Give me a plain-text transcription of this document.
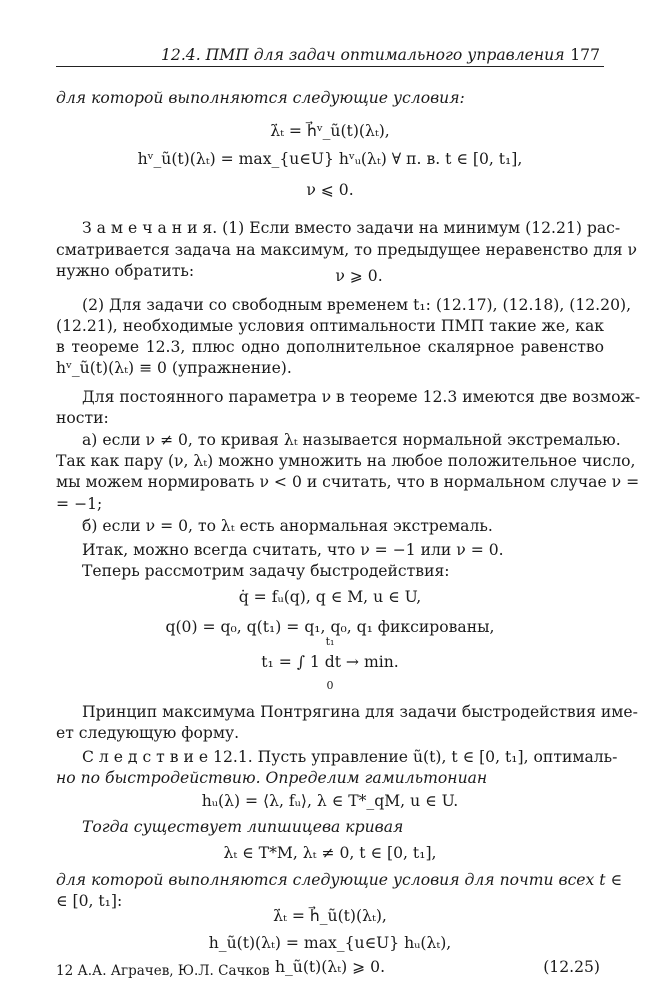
12.4. ПМП для задач оптимального управления 177
для которой выполняются следующие условия:
λ̇ₜ = h⃗ᵛ_ũ(t)(λₜ),
hᵛ_ũ(t)(λₜ) = max_{u∈U} hᵛᵤ(λₜ) ∀ п. в. t ∈ [0, t₁],
ν ⩽ 0.
З а м е ч а н и я. (1) Если вместо задачи на минимум (12.21) рас-
сматривается задача на максимум, то предыдущее неравенство для ν
нужно обратить:	ν ⩾ 0.
(2) Для задачи со свободным временем t₁: (12.17), (12.18), (12.20),
(12.21), необходимые условия оптимальности ПМП такие же, как
в теореме 12.3, плюс одно дополнительное скалярное равенство
hᵛ_ũ(t)(λₜ) ≡ 0 (упражнение).
Для постоянного параметра ν в теореме 12.3 имеются две возмож-
ности:
а) если ν ≠ 0, то кривая λₜ называется нормальной экстремалью.
Так как пару (ν, λₜ) можно умножить на любое положительное число,
мы можем нормировать ν < 0 и считать, что в нормальном случае ν =
= −1;
б) если ν = 0, то λₜ есть анормальная экстремаль.
Итак, можно всегда считать, что ν = −1 или ν = 0.
Теперь рассмотрим задачу быстродействия:
q̇ = fᵤ(q), q ∈ M, u ∈ U,
q(0) = q₀, q(t₁) = q₁, q₀, q₁ фиксированы,
t₁
t₁ = ∫ 1 dt → min.
0
Принцип максимума Понтрягина для задачи быстродействия име-
ет следующую форму.
С л е д с т в и е 12.1. Пусть управление ũ(t), t ∈ [0, t₁], оптималь-
но по быстродействию. Определим гамильтониан
hᵤ(λ) = ⟨λ, fᵤ⟩, λ ∈ T*_qM, u ∈ U.
Тогда существует липшицева кривая
λₜ ∈ T*M, λₜ ≠ 0, t ∈ [0, t₁],
для которой выполняются следующие условия для почти всех t ∈
∈ [0, t₁]:
λ̇ₜ = h⃗_ũ(t)(λₜ),
h_ũ(t)(λₜ) = max_{u∈U} hᵤ(λₜ),
h_ũ(t)(λₜ) ⩾ 0.	(12.25)
12 А.А. Аграчев, Ю.Л. Сачков
